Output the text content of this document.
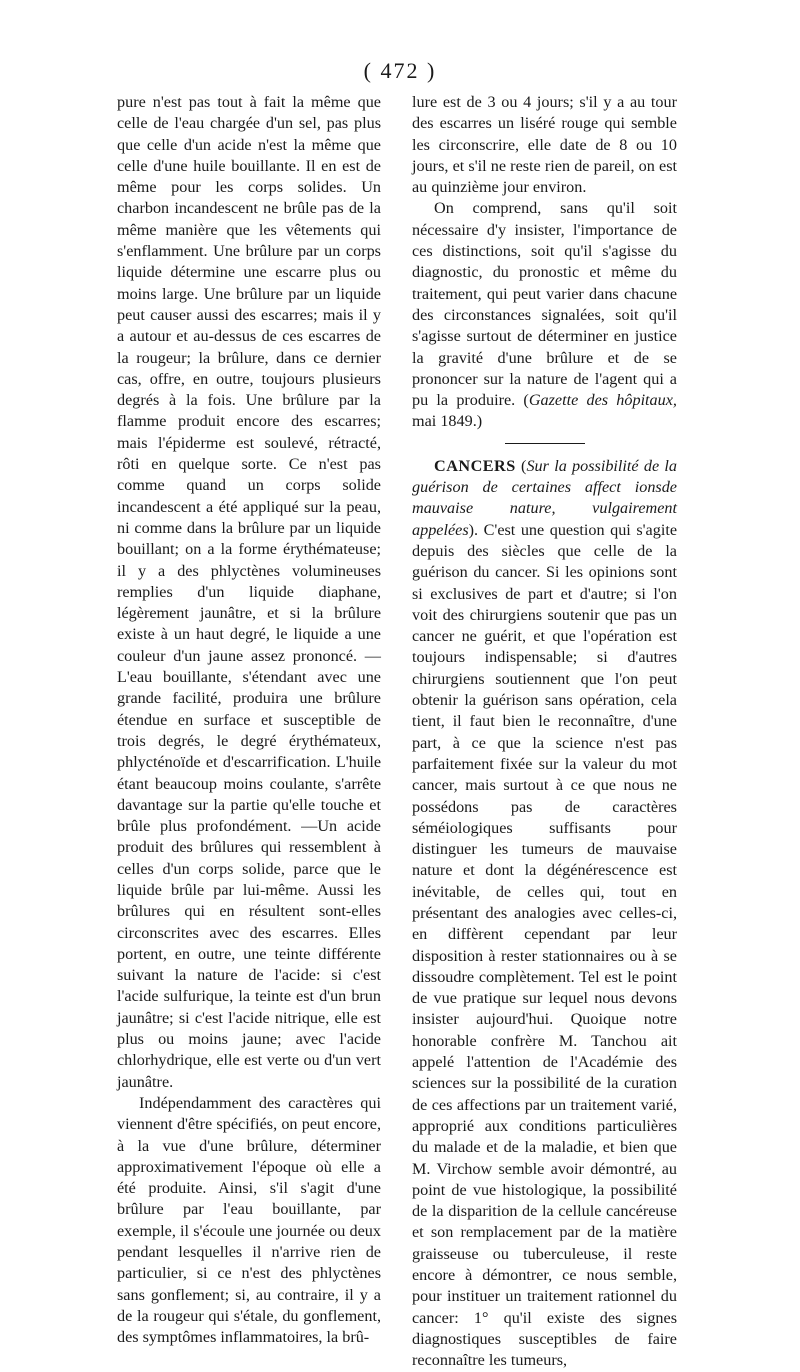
( 472 )

pure n'est pas tout à fait la même que celle de l'eau chargée d'un sel, pas plus que celle d'un acide n'est la même que celle d'une huile bouillante. Il en est de même pour les corps solides. Un charbon incandescent ne brûle pas de la même manière que les vêtements qui s'enflamment. Une brûlure par un corps liquide détermine une escarre plus ou moins large. Une brûlure par un liquide peut causer aussi des escarres; mais il y a autour et au-dessus de ces escarres de la rougeur; la brûlure, dans ce dernier cas, offre, en outre, toujours plusieurs degrés à la fois. Une brûlure par la flamme produit encore des escarres; mais l'épiderme est soulevé, rétracté, rôti en quelque sorte. Ce n'est pas comme quand un corps solide incandescent a été appliqué sur la peau, ni comme dans la brûlure par un liquide bouillant; on a la forme érythémateuse; il y a des phlyctènes volumineuses remplies d'un liquide diaphane, légèrement jaunâtre, et si la brûlure existe à un haut degré, le liquide a une couleur d'un jaune assez prononcé. — L'eau bouillante, s'étendant avec une grande facilité, produira une brûlure étendue en surface et susceptible de trois degrés, le degré érythémateux, phlycténoïde et d'escarrification. L'huile étant beaucoup moins coulante, s'arrête davantage sur la partie qu'elle touche et brûle plus profondément. —Un acide produit des brûlures qui ressemblent à celles d'un corps solide, parce que le liquide brûle par lui-même. Aussi les brûlures qui en résultent sont-elles circonscrites avec des escarres. Elles portent, en outre, une teinte différente suivant la nature de l'acide: si c'est l'acide sulfurique, la teinte est d'un brun jaunâtre; si c'est l'acide nitrique, elle est plus ou moins jaune; avec l'acide chlorhydrique, elle est verte ou d'un vert jaunâtre.

Indépendamment des caractères qui viennent d'être spécifiés, on peut encore, à la vue d'une brûlure, déterminer approximativement l'époque où elle a été produite. Ainsi, s'il s'agit d'une brûlure par l'eau bouillante, par exemple, il s'écoule une journée ou deux pendant lesquelles il n'arrive rien de particulier, si ce n'est des phlyctènes sans gonflement; si, au contraire, il y a de la rougeur qui s'étale, du gonflement, des symptômes inflammatoires, la brû-

lure est de 3 ou 4 jours; s'il y a au tour des escarres un liséré rouge qui semble les circonscrire, elle date de 8 ou 10 jours, et s'il ne reste rien de pareil, on est au quinzième jour environ.

On comprend, sans qu'il soit nécessaire d'y insister, l'importance de ces distinctions, soit qu'il s'agisse du diagnostic, du pronostic et même du traitement, qui peut varier dans chacune des circonstances signalées, soit qu'il s'agisse surtout de déterminer en justice la gravité d'une brûlure et de se prononcer sur la nature de l'agent qui a pu la produire. (Gazette des hôpitaux, mai 1849.)

CANCERS (Sur la possibilité de la guérison de certaines affect ionsde mauvaise nature, vulgairement appelées). C'est une question qui s'agite depuis des siècles que celle de la guérison du cancer. Si les opinions sont si exclusives de part et d'autre; si l'on voit des chirurgiens soutenir que pas un cancer ne guérit, et que l'opération est toujours indispensable; si d'autres chirurgiens soutiennent que l'on peut obtenir la guérison sans opération, cela tient, il faut bien le reconnaître, d'une part, à ce que la science n'est pas parfaitement fixée sur la valeur du mot cancer, mais surtout à ce que nous ne possédons pas de caractères séméiologiques suffisants pour distinguer les tumeurs de mauvaise nature et dont la dégénérescence est inévitable, de celles qui, tout en présentant des analogies avec celles-ci, en diffèrent cependant par leur disposition à rester stationnaires ou à se dissoudre complètement. Tel est le point de vue pratique sur lequel nous devons insister aujourd'hui. Quoique notre honorable confrère M. Tanchou ait appelé l'attention de l'Académie des sciences sur la possibilité de la curation de ces affections par un traitement varié, approprié aux conditions particulières du malade et de la maladie, et bien que M. Virchow semble avoir démontré, au point de vue histologique, la possibilité de la disparition de la cellule cancéreuse et son remplacement par de la matière graisseuse ou tuberculeuse, il reste encore à démontrer, ce nous semble, pour instituer un traitement rationnel du cancer: 1° qu'il existe des signes diagnostiques susceptibles de faire reconnaître les tumeurs,
